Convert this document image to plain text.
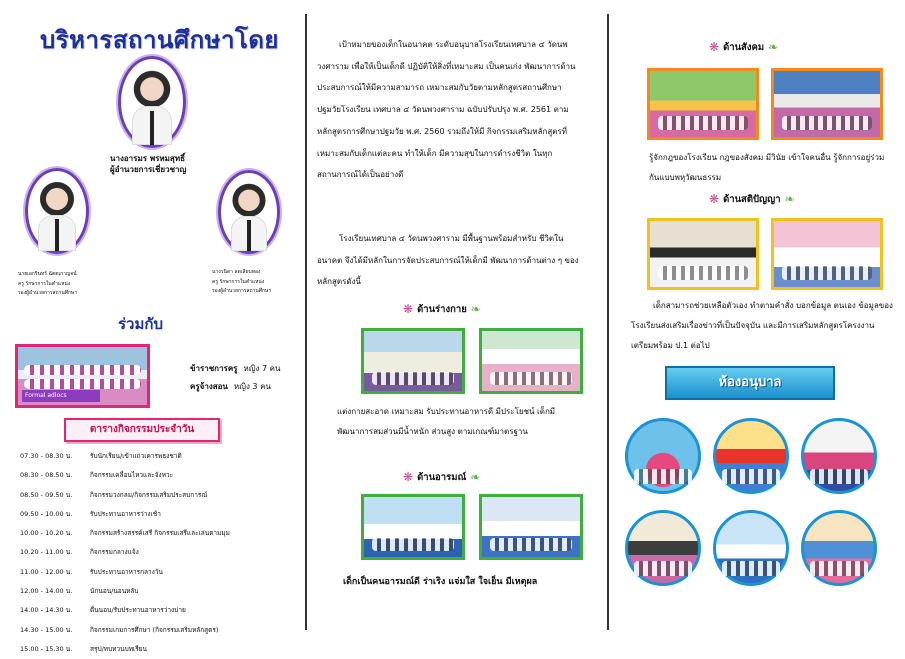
บริหารสถานศึกษาโดย
นางอารมร พรหมสุทธิ์
ผู้อำนวยการเชี่ยวชาญ
นายเอกรินทร์ ฉัตตเกาญจน์
ครู รักษาการในตำแหน่ง
รองผู้อำนวยการสถานศึกษา
นางวนิดา ลดเลียบทอง
ครู รักษาการในตำแหน่ง
รองผู้อำนวยการสถานศึกษา
ร่วมกับ
Formal adlocs
ข้าราชการครู หญิง 7 คน
ครูจ้างสอน หญิง 3 คน
ตารางกิจกรรมประจำวัน
07.30 - 08.30 น.	รับนักเรียน/เข้าแถวเคารพธงชาติ
08.30 - 08.50 น.	กิจกรรมเคลื่อนไหวและจังหวะ
08.50 - 09.50 น.	กิจกรรมวงกลม/กิจกรรมเสริมประสบการณ์
09.50 - 10.00 น.	รับประทานอาหารว่างเช้า
10.00 - 10.20 น.	กิจกรรมสร้างสรรค์เสรี กิจกรรมเสรีและเล่นตามมุม
10.20 - 11.00 น.	กิจกรรมกลางแจ้ง
11.00 - 12.00 น.	รับประทานอาหารกลางวัน
12.00 - 14.00 น.	นักนอน/นอนหลับ
14.00 - 14.30 น.	ตื่นนอน/รับประทานอาหารว่างบ่าย
14.30 - 15.00 น.	กิจกรรมเกมการศึกษา (กิจกรรมเสริมหลักสูตร)
15.00 - 15.30 น.	สรุป/ทบทวนบทเรียน
เป้าหมายของเด็กในอนาคต ระดับอนุบาลโรงเรียนเทศบาล ๔ วัดนพวงศาราม เพื่อให้เป็นเด็กดี ปฏิบัติให้สิ่งที่เหมาะสม เป็นคนเก่ง พัฒนาการด้านประสบการณ์ให้มีความสามารถ เหมาะสมกับวัยตามหลักสูตรสถานศึกษาปฐมวัยโรงเรียน เทศบาล ๔ วัดนพวงศาราม ฉบับปรับปรุง พ.ศ. 2561 ตามหลักสูตรการศึกษาปฐมวัย พ.ศ. 2560 รวมถึงให้มี กิจกรรมเสริมหลักสูตรที่เหมาะสมกับเด็กแต่ละคน ทำให้เด็ก มีความสุขในการดำรงชีวิต ในทุกสถานการณ์ได้เป็นอย่างดี
โรงเรียนเทศบาล ๔ วัดนพวงศาราม มีพื้นฐานพร้อมสำหรับ ชีวิตในอนาคต จึงได้มีหลักในการจัดประสบการณ์ให้เด็กมี พัฒนาการด้านต่าง ๆ ของหลักสูตรดังนี้
❋ ด้านร่างกาย ❧
แต่งกายสะอาด เหมาะสม รับประทานอาหารดี มีประโยชน์ เด็กมีพัฒนาการสมส่วนมีน้ำหนัก ส่วนสูง ตามเกณฑ์มาตรฐาน
❋ ด้านอารมณ์ ❧
เด็กเป็นคนอารมณ์ดี ร่าเริง แจ่มใส ใจเย็น มีเหตุผล
❋ ด้านสังคม ❧
รู้จักกฎของโรงเรียน กฎของสังคม มีวินัย เข้าใจคนอื่น รู้จักการอยู่ร่วมกันแบบพหุวัฒนธรรม
❋ ด้านสติปัญญา ❧
เด็กสามารถช่วยเหลือตัวเอง ทำตามคำสั่ง บอกข้อมูล ตนเอง ข้อมูลของโรงเรียนส่งเสริมเรื่องข่าวที่เป็นปัจจุบัน และมีการเสริมหลักสูตรโครงงานเตรียมพร้อม ป.1 ต่อไป
ห้องอนุบาล
